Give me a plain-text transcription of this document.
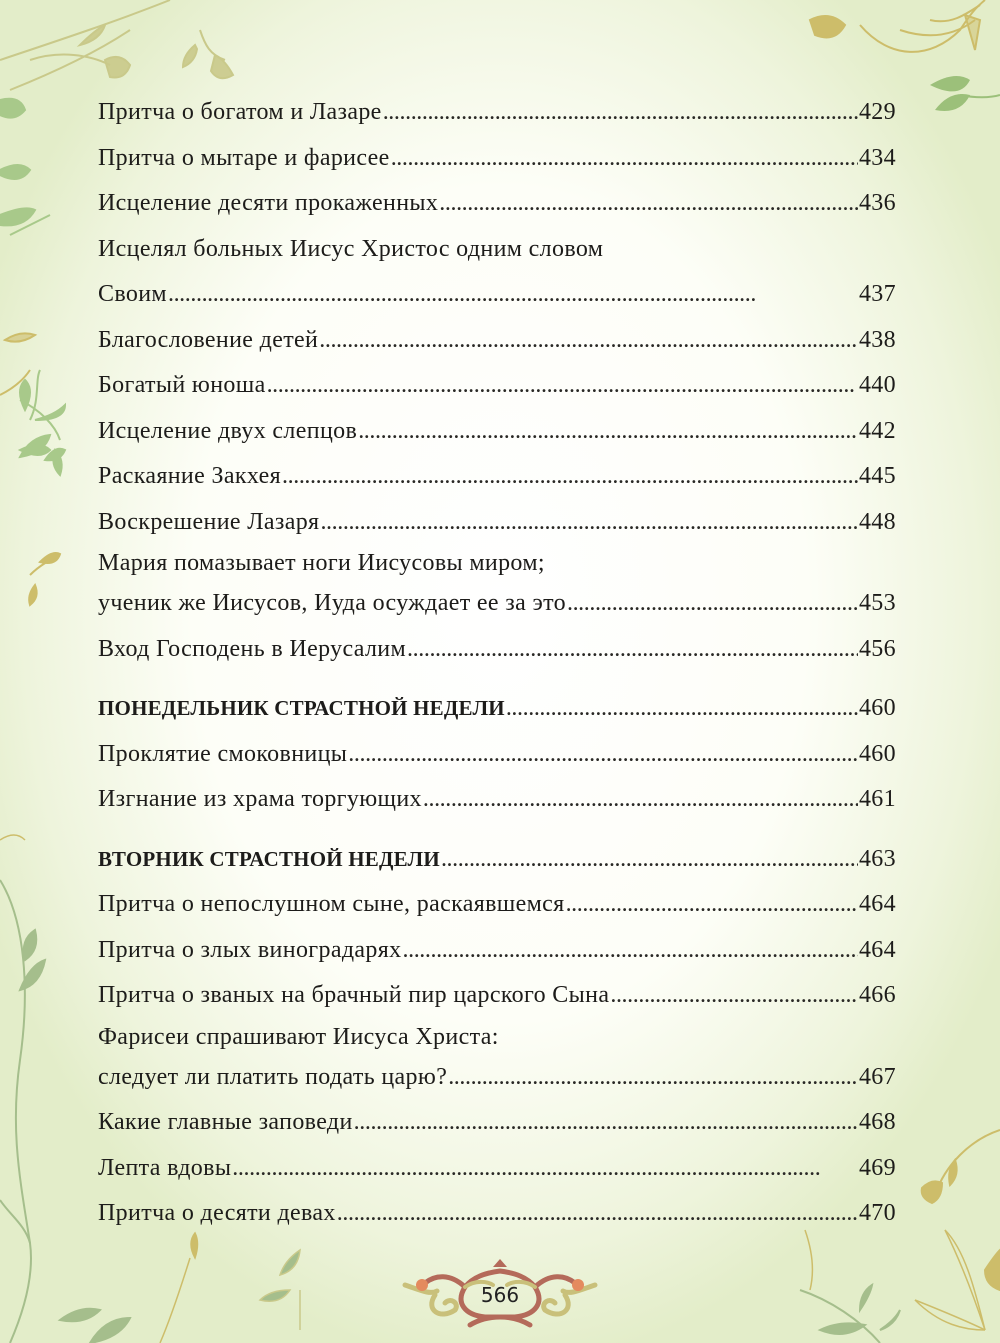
Притча о богатом и Лазаре . . .	429
Притча о мытаре и фарисее . . .	434
Исцеление десяти прокаженных . . .	436
Исцелял больных Иисус Христос одним словом
Своим . . .	437
Благословение детей . . .	438
Богатый юноша . . .	440
Исцеление двух слепцов . . .	442
Раскаяние Закхея . . .	445
Воскрешение Лазаря . . .	448
Мария помазывает ноги Иисусовы миром;
ученик же Иисусов, Иуда осуждает ее за это . . .	453
Вход Господень в Иерусалим . . .	456
ПОНЕДЕЛЬНИК СТРАСТНОЙ НЕДЕЛИ . . .	460
Проклятие смоковницы . . .	460
Изгнание из храма торгующих . . .	461
ВТОРНИК СТРАСТНОЙ НЕДЕЛИ . . .	463
Притча о непослушном сыне, раскаявшемся . . .	464
Притча о злых виноградарях . . .	464
Притча о званых на брачный пир царского Сына . . .	466
Фарисеи спрашивают Иисуса Христа:
следует ли платить подать царю? . . .	467
Какие главные заповеди . . .	468
Лепта вдовы . . .	469
Притча о десяти девах . . .	470
566
